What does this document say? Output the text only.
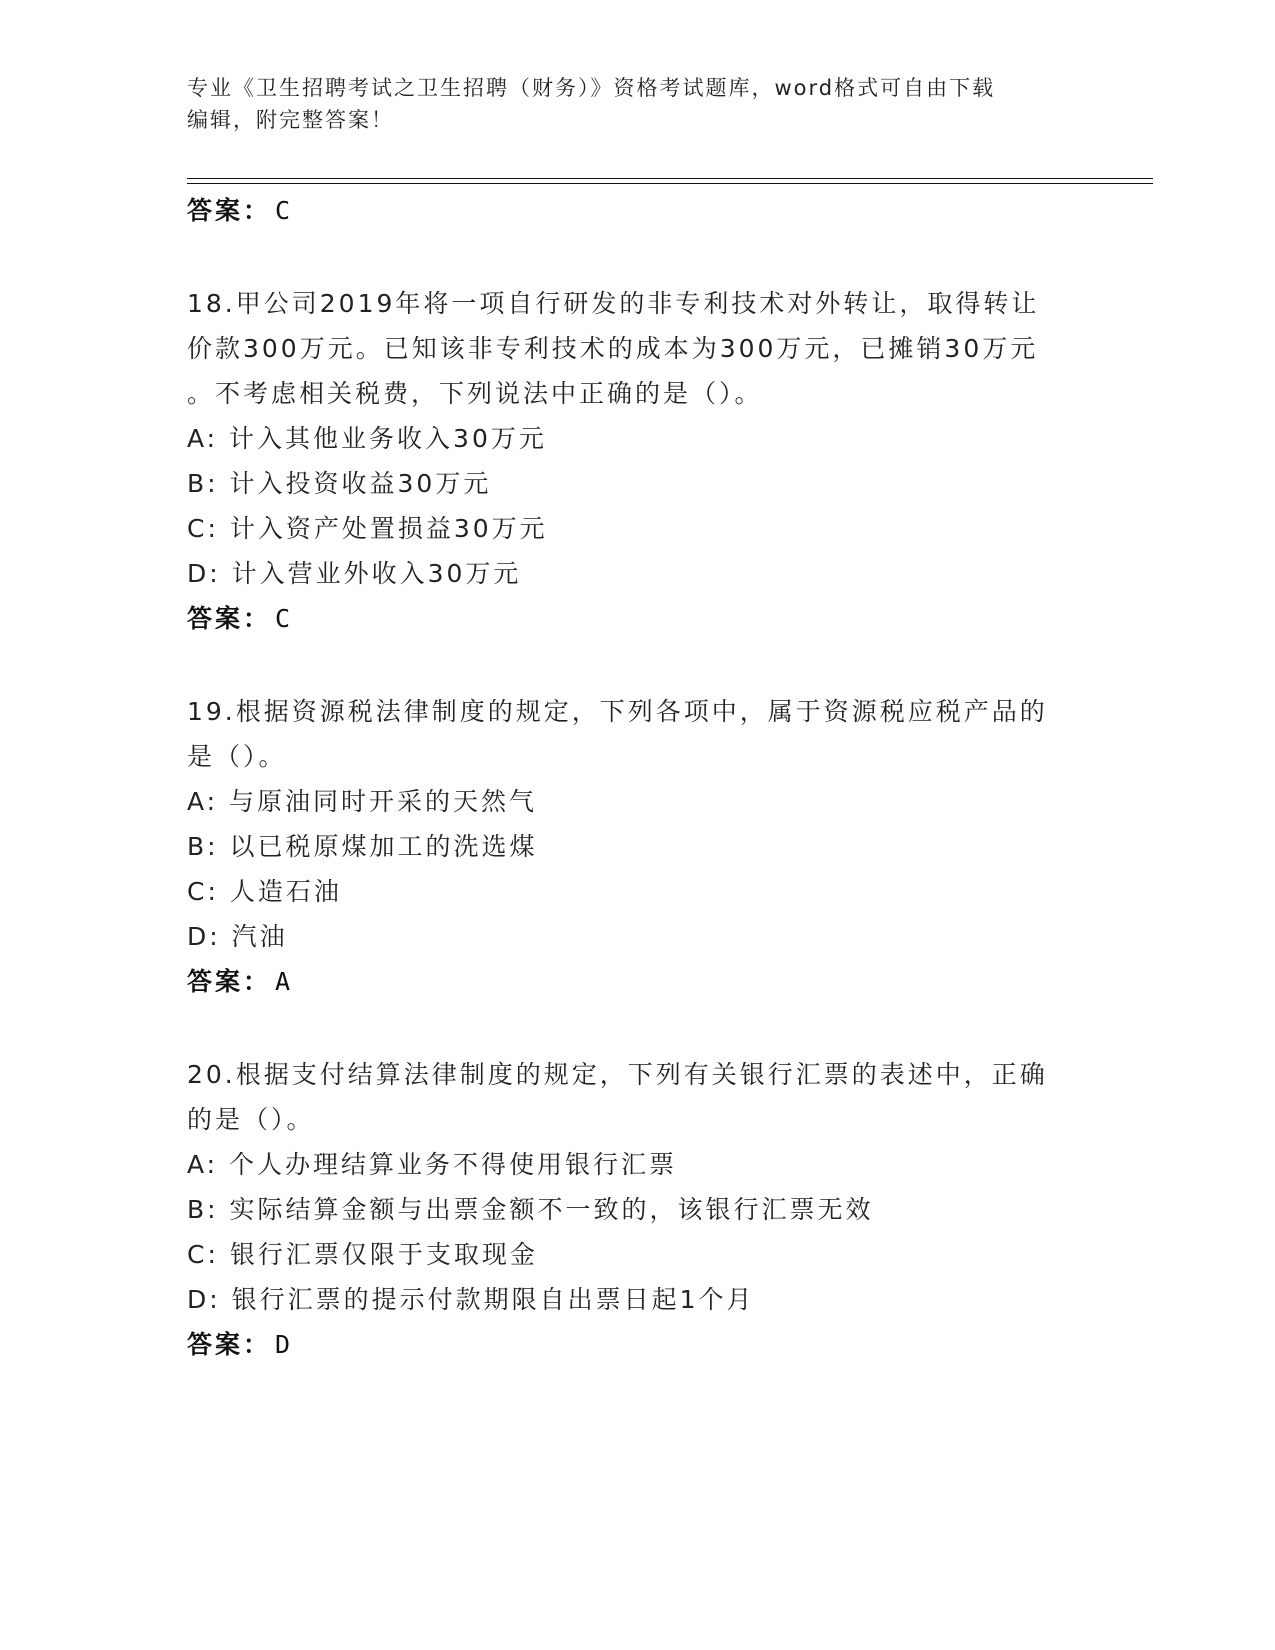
专业《卫生招聘考试之卫生招聘（财务）》资格考试题库，word格式可自由下载
编辑，附完整答案！
答案： C
18.甲公司2019年将一项自行研发的非专利技术对外转让，取得转让
价款300万元。已知该非专利技术的成本为300万元，已摊销30万元
。不考虑相关税费，下列说法中正确的是（）。
A: 计入其他业务收入30万元
B: 计入投资收益30万元
C: 计入资产处置损益30万元
D: 计入营业外收入30万元
答案： C
19.根据资源税法律制度的规定，下列各项中，属于资源税应税产品的
是（）。
A: 与原油同时开采的天然气
B: 以已税原煤加工的洗选煤
C: 人造石油
D: 汽油
答案： A
20.根据支付结算法律制度的规定，下列有关银行汇票的表述中，正确
的是（）。
A: 个人办理结算业务不得使用银行汇票
B: 实际结算金额与出票金额不一致的，该银行汇票无效
C: 银行汇票仅限于支取现金
D: 银行汇票的提示付款期限自出票日起1个月
答案： D
